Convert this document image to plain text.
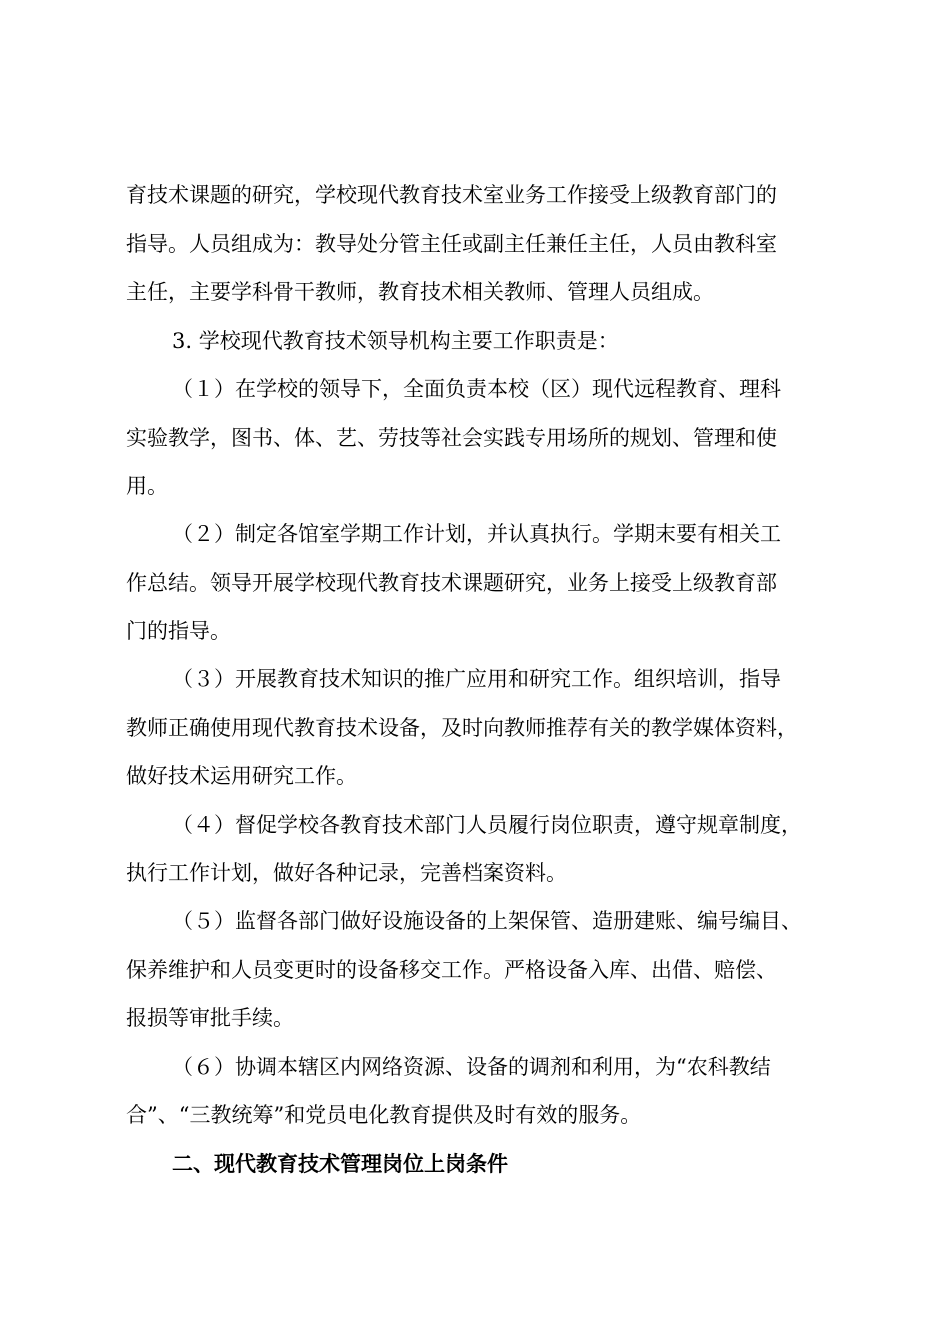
育技术课题的研究，学校现代教育技术室业务工作接受上级教育部门的
指导。人员组成为：教导处分管主任或副主任兼任主任，人员由教科室
主任，主要学科骨干教师，教育技术相关教师、管理人员组成。
3. 学校现代教育技术领导机构主要工作职责是：
（１）在学校的领导下，全面负责本校（区）现代远程教育、理科
实验教学，图书、体、艺、劳技等社会实践专用场所的规划、管理和使
用。
（２）制定各馆室学期工作计划，并认真执行。学期末要有相关工
作总结。领导开展学校现代教育技术课题研究，业务上接受上级教育部
门的指导。
（３）开展教育技术知识的推广应用和研究工作。组织培训，指导
教师正确使用现代教育技术设备，及时向教师推荐有关的教学媒体资料，
做好技术运用研究工作。
（４）督促学校各教育技术部门人员履行岗位职责，遵守规章制度，
执行工作计划，做好各种记录，完善档案资料。
（５）监督各部门做好设施设备的上架保管、造册建账、编号编目、
保养维护和人员变更时的设备移交工作。严格设备入库、出借、赔偿、
报损等审批手续。
（６）协调本辖区内网络资源、设备的调剂和利用，为“农科教结
合”、“三教统筹”和党员电化教育提供及时有效的服务。
二、现代教育技术管理岗位上岗条件
